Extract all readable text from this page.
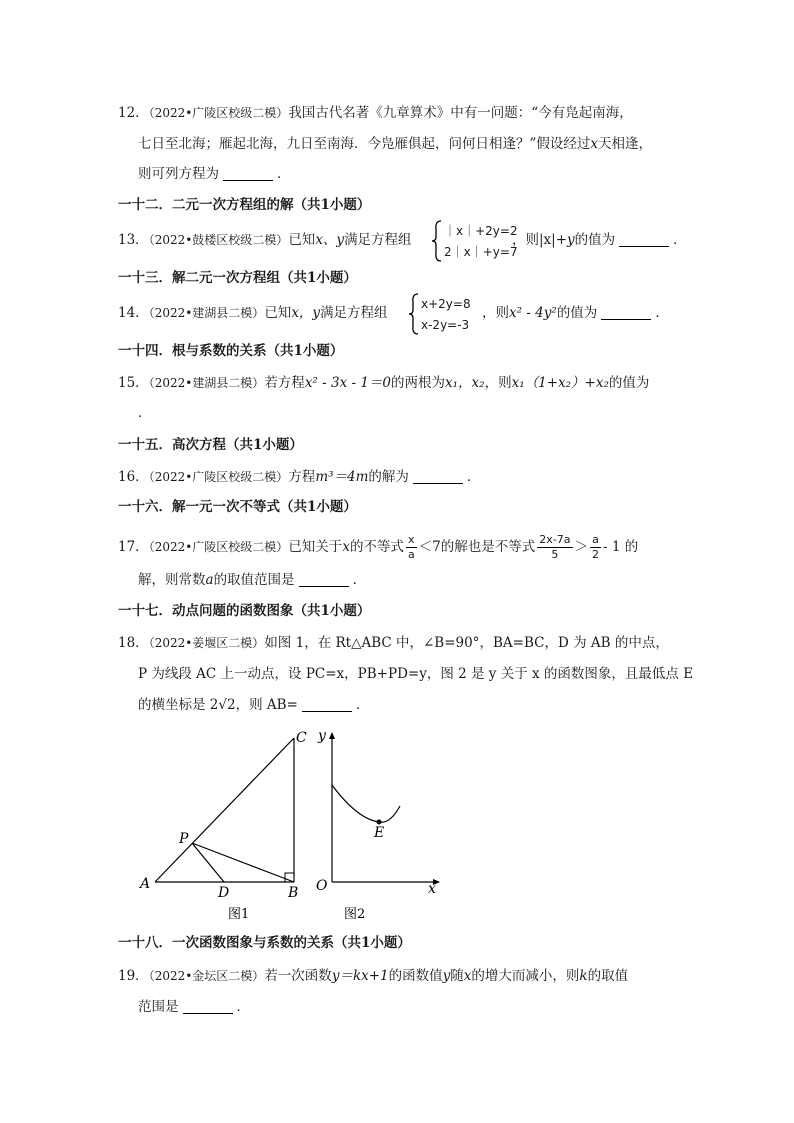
12．（2022•广陵区校级二模）我国古代名著《九章算术》中有一问题：“今有凫起南海，
七日至北海；雁起北海，九日至南海．今凫雁俱起，问何日相逢？”假设经过x天相逢，
则可列方程为	．
一十二．二元一次方程组的解（共1小题）
13．（2022•鼓楼区校级二模）已知x、y满足方程组
｜x｜+2y=2
2｜x｜+y=7
，则|x|+y的值为	．
一十三．解二元一次方程组（共1小题）
14．（2022•建湖县二模）已知x，y满足方程组
x+2y=8
x-2y=-3
，则x² - 4y²的值为	．
一十四．根与系数的关系（共1小题）
15．（2022•建湖县二模）若方程x² - 3x - 1＝0的两根为x₁，x₂，则x₁（1+x₂）+x₂的值为
．
一十五．高次方程（共1小题）
16．（2022•广陵区校级二模）方程m³＝4m的解为	．
一十六．解一元一次不等式（共1小题）
17．（2022•广陵区校级二模）已知关于x的不等式 $\frac{x}{a} <7$的解也是不等式 $\frac{2x-7a}{5} > \frac{a}{2} - 1$ 的
解，则常数a的取值范围是	．
一十七．动点问题的函数图象（共1小题）
18．（2022•姜堰区二模）如图 1，在 Rt△ABC 中，∠B=90°，BA=BC，D 为 AB 的中点，
P 为线段 AC 上一动点，设 PC=x，PB+PD=y，图 2 是 y 关于 x 的函数图象，且最低点 E
的横坐标是 2√2，则 AB=	．
A
B
C
D
P
图1
E
O
y
x
图2
一十八．一次函数图象与系数的关系（共1小题）
19．（2022•金坛区二模）若一次函数y＝kx+1的函数值y随x的增大而减小，则k的取值
范围是	．
